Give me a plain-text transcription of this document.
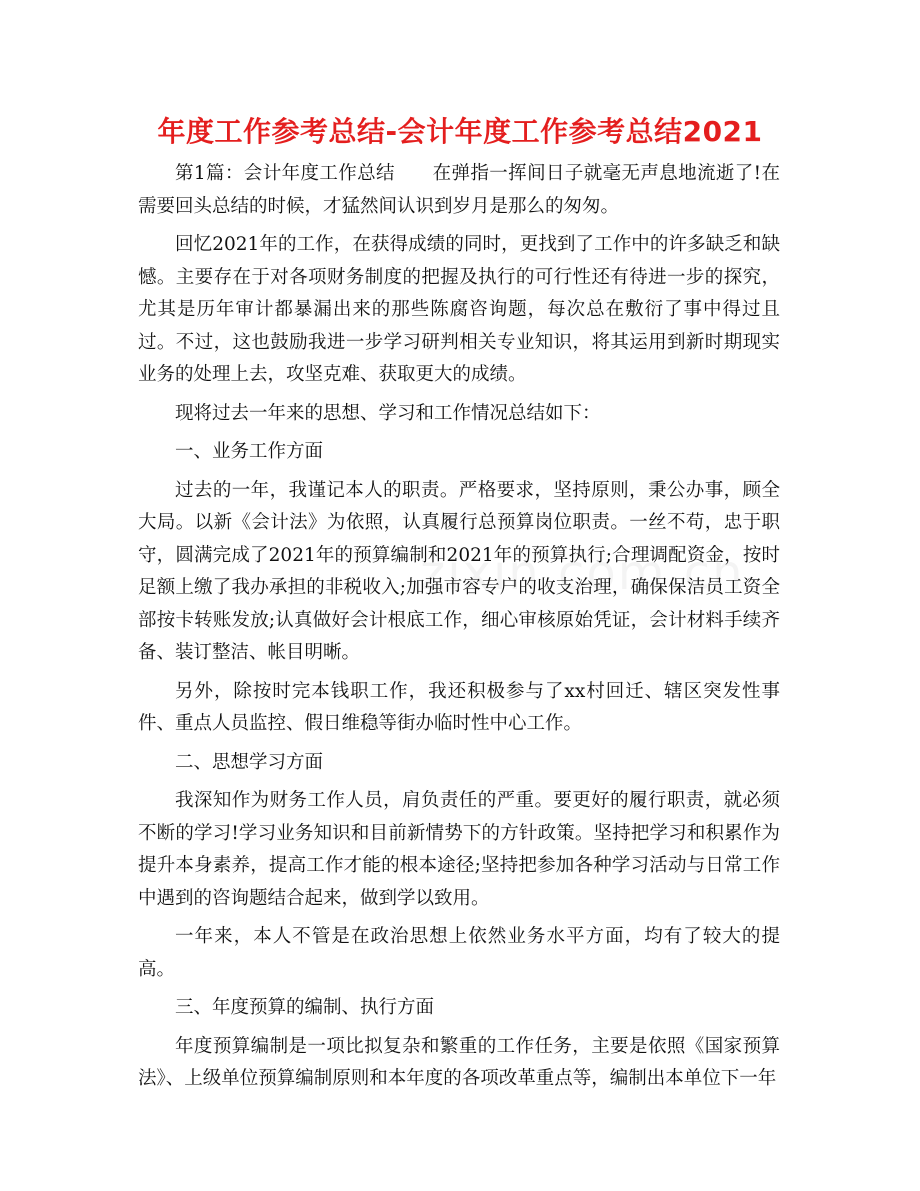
年度工作参考总结-会计年度工作参考总结2021

第1篇：会计年度工作总结　　在弹指一挥间日子就毫无声息地流逝了!在需要回头总结的时候，才猛然间认识到岁月是那么的匆匆。

回忆2021年的工作，在获得成绩的同时，更找到了工作中的许多缺乏和缺憾。主要存在于对各项财务制度的把握及执行的可行性还有待进一步的探究，尤其是历年审计都暴漏出来的那些陈腐咨询题，每次总在敷衍了事中得过且过。不过，这也鼓励我进一步学习研判相关专业知识，将其运用到新时期现实业务的处理上去，攻坚克难、获取更大的成绩。

现将过去一年来的思想、学习和工作情况总结如下：

一、业务工作方面

过去的一年，我谨记本人的职责。严格要求，坚持原则，秉公办事，顾全大局。以新《会计法》为依照，认真履行总预算岗位职责。一丝不苟，忠于职守，圆满完成了2021年的预算编制和2021年的预算执行;合理调配资金，按时足额上缴了我办承担的非税收入;加强市容专户的收支治理，确保保洁员工资全部按卡转账发放;认真做好会计根底工作，细心审核原始凭证，会计材料手续齐备、装订整洁、帐目明晰。

另外，除按时完本钱职工作，我还积极参与了xx村回迁、辖区突发性事件、重点人员监控、假日维稳等街办临时性中心工作。

二、思想学习方面

我深知作为财务工作人员，肩负责任的严重。要更好的履行职责，就必须不断的学习!学习业务知识和目前新情势下的方针政策。坚持把学习和积累作为提升本身素养，提高工作才能的根本途径;坚持把参加各种学习活动与日常工作中遇到的咨询题结合起来，做到学以致用。

一年来，本人不管是在政治思想上依然业务水平方面，均有了较大的提高。

三、年度预算的编制、执行方面

年度预算编制是一项比拟复杂和繁重的工作任务，主要是依照《国家预算法》、上级单位预算编制原则和本年度的各项改革重点等，编制出本单位下一年
